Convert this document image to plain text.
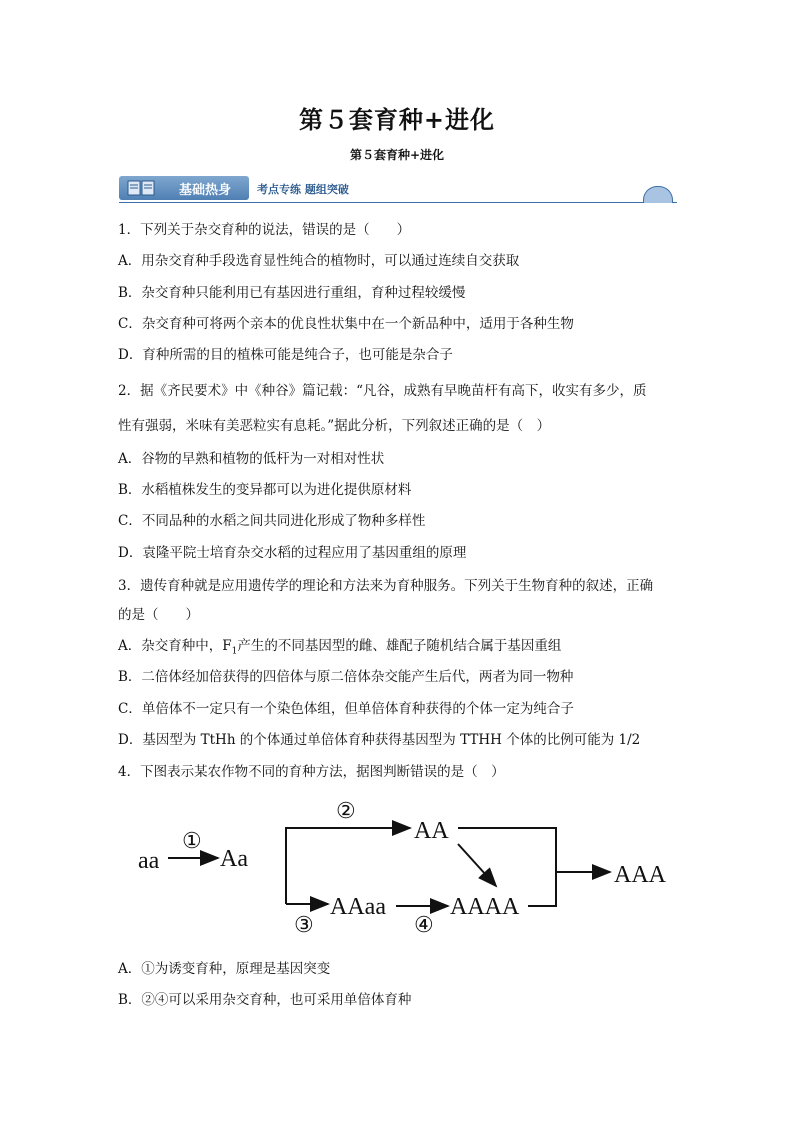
第５套育种+进化
第５套育种+进化
基础热身 考点专练 题组突破
1．下列关于杂交育种的说法，错误的是（　　）
A．用杂交育种手段选育显性纯合的植物时，可以通过连续自交获取
B．杂交育种只能利用已有基因进行重组，育种过程较缓慢
C．杂交育种可将两个亲本的优良性状集中在一个新品种中，适用于各种生物
D．育种所需的目的植株可能是纯合子，也可能是杂合子
2．据《齐民要术》中《种谷》篇记载：“凡谷，成熟有早晚苗杆有高下，收实有多少，质
性有强弱，米味有美恶粒实有息耗。”据此分析，下列叙述正确的是（　）
A．谷物的早熟和植物的低杆为一对相对性状
B．水稻植株发生的变异都可以为进化提供原材料
C．不同品种的水稻之间共同进化形成了物种多样性
D．袁隆平院士培育杂交水稻的过程应用了基因重组的原理
3．遗传育种就是应用遗传学的理论和方法来为育种服务。下列关于生物育种的叙述，正确
的是（　　）
A．杂交育种中，$F_1$产生的不同基因型的雌、雄配子随机结合属于基因重组
B．二倍体经加倍获得的四倍体与原二倍体杂交能产生后代，两者为同一物种
C．单倍体不一定只有一个染色体组，但单倍体育种获得的个体一定为纯合子
D．基因型为 TtHh 的个体通过单倍体育种获得基因型为 TTHH 个体的比例可能为 1/2
4．下图表示某农作物不同的育种方法，据图判断错误的是（　）
aa	Aa
AA
AAaa	AAAA
AAA
①
②
③	④
A．①为诱变育种，原理是基因突变
B．②④可以采用杂交育种，也可采用单倍体育种
